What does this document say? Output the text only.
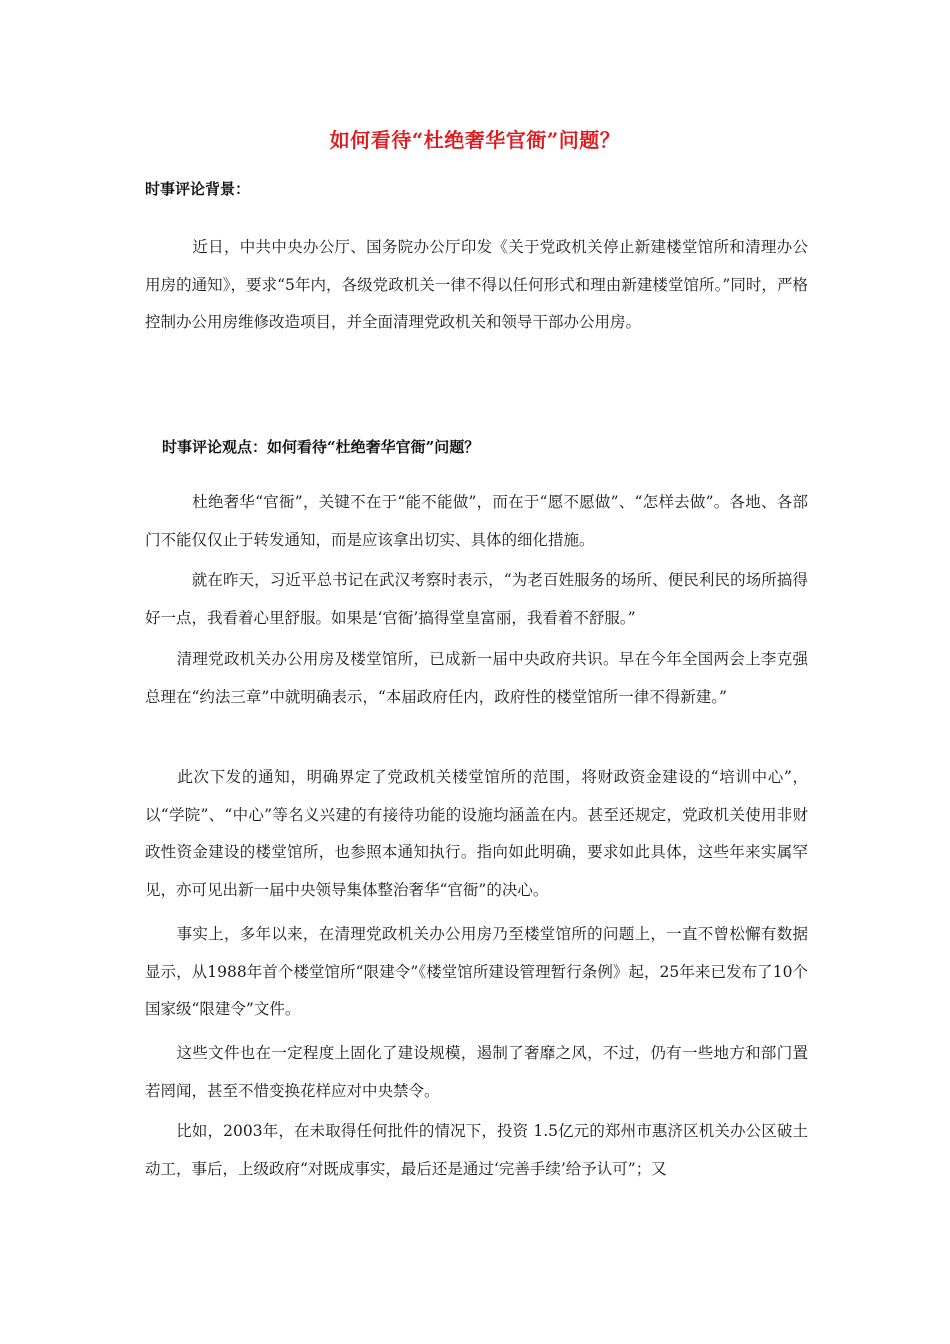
如何看待“杜绝奢华官衙”问题？
时事评论背景：
　　　近日，中共中央办公厅、国务院办公厅印发《关于党政机关停止新建楼堂馆所和清理办公用房的通知》，要求“5年内，各级党政机关一律不得以任何形式和理由新建楼堂馆所。”同时，严格控制办公用房维修改造项目，并全面清理党政机关和领导干部办公用房。
时事评论观点：如何看待“杜绝奢华官衙”问题？
　　　杜绝奢华“官衙”，关键不在于“能不能做”，而在于“愿不愿做”、“怎样去做”。各地、各部门不能仅仅止于转发通知，而是应该拿出切实、具体的细化措施。
　　　就在昨天，习近平总书记在武汉考察时表示，“为老百姓服务的场所、便民利民的场所搞得好一点，我看着心里舒服。如果是‘官衙’搞得堂皇富丽，我看着不舒服。”
　　清理党政机关办公用房及楼堂馆所，已成新一届中央政府共识。早在今年全国两会上李克强总理在“约法三章”中就明确表示，“本届政府任内，政府性的楼堂馆所一律不得新建。”
　　此次下发的通知，明确界定了党政机关楼堂馆所的范围，将财政资金建设的“培训中心”，以“学院”、“中心”等名义兴建的有接待功能的设施均涵盖在内。甚至还规定，党政机关使用非财政性资金建设的楼堂馆所，也参照本通知执行。指向如此明确，要求如此具体，这些年来实属罕见，亦可见出新一届中央领导集体整治奢华“官衙”的决心。
　　事实上，多年以来，在清理党政机关办公用房乃至楼堂馆所的问题上，一直不曾松懈有数据显示，从1988年首个楼堂馆所“限建令”《楼堂馆所建设管理暂行条例》起，25年来已发布了10个国家级“限建令”文件。
　　这些文件也在一定程度上固化了建设规模，遏制了奢靡之风，不过，仍有一些地方和部门置若罔闻，甚至不惜变换花样应对中央禁令。
　　比如，2003年，在未取得任何批件的情况下，投资 1.5亿元的郑州市惠济区机关办公区破土动工，事后，上级政府“对既成事实，最后还是通过‘完善手续’给予认可”；又
